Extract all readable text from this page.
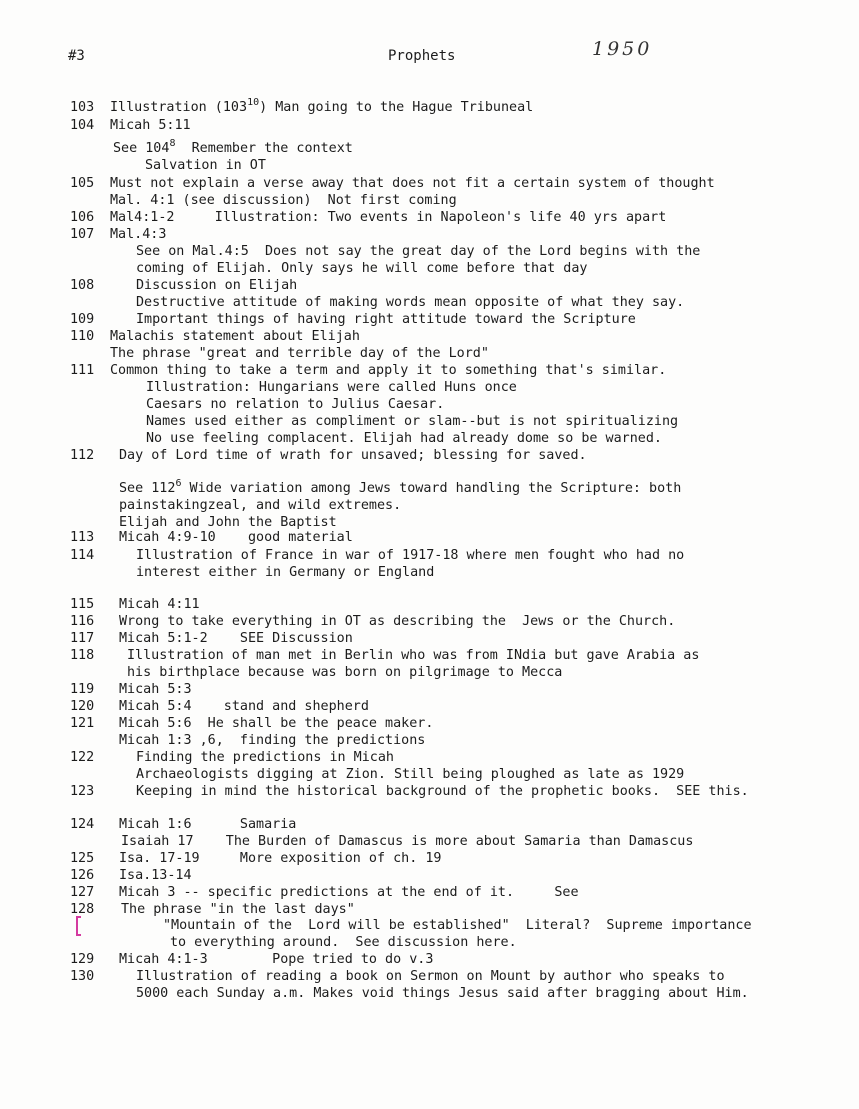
#3	Prophets	1950
103 Illustration $(103^{10})$ Man going to the Hague Tribuneal
104 Micah 5:11
See $104^8$  Remember the context
Salvation in OT
105 Must not explain a verse away that does not fit a certain system of thought
Mal. 4:1 (see discussion)  Not first coming
106 Mal4:1-2     Illustration: Two events in Napoleon's life 40 yrs apart
107 Mal.4:3
See on Mal.4:5  Does not say the great day of the Lord begins with the
coming of Elijah. Only says he will come before that day
108	Discussion on Elijah
Destructive attitude of making words mean opposite of what they say.
109	Important things of having right attitude toward the Scripture
110 Malachis statement about Elijah
The phrase "great and terrible day of the Lord"
111 Common thing to take a term and apply it to something that's similar.
Illustration: Hungarians were called Huns once
Caesars no relation to Julius Caesar.
Names used either as compliment or slam--but is not spiritualizing
No use feeling complacent. Elijah had already dome so be warned.
112 Day of Lord time of wrath for unsaved; blessing for saved.
See $112^6$ Wide variation among Jews toward handling the Scripture: both
painstakingzeal, and wild extremes.
Elijah and John the Baptist
113 Micah 4:9-10    good material
114	Illustration of France in war of 1917-18 where men fought who had no
interest either in Germany or England
115 Micah 4:11
116 Wrong to take everything in OT as describing the  Jews or the Church.
117 Micah 5:1-2    SEE Discussion
118 Illustration of man met in Berlin who was from INdia but gave Arabia as
his birthplace because was born on pilgrimage to Mecca
119 Micah 5:3
120 Micah 5:4    stand and shepherd
121 Micah 5:6  He shall be the peace maker.
Micah 1:3 ,6,  finding the predictions
122	Finding the predictions in Micah
Archaeologists digging at Zion. Still being ploughed as late as 1929
123	Keeping in mind the historical background of the prophetic books.  SEE this.
124 Micah 1:6      Samaria
Isaiah 17    The Burden of Damascus is more about Samaria than Damascus
125 Isa. 17-19     More exposition of ch. 19
126 Isa.13-14
127 Micah 3 -- specific predictions at the end of it.     See
128 The phrase "in the last days"
"Mountain of the  Lord will be established"  Literal?  Supreme importance
to everything around.  See discussion here.
129 Micah 4:1-3        Pope tried to do v.3
130	Illustration of reading a book on Sermon on Mount by author who speaks to
5000 each Sunday a.m. Makes void things Jesus said after bragging about Him.
